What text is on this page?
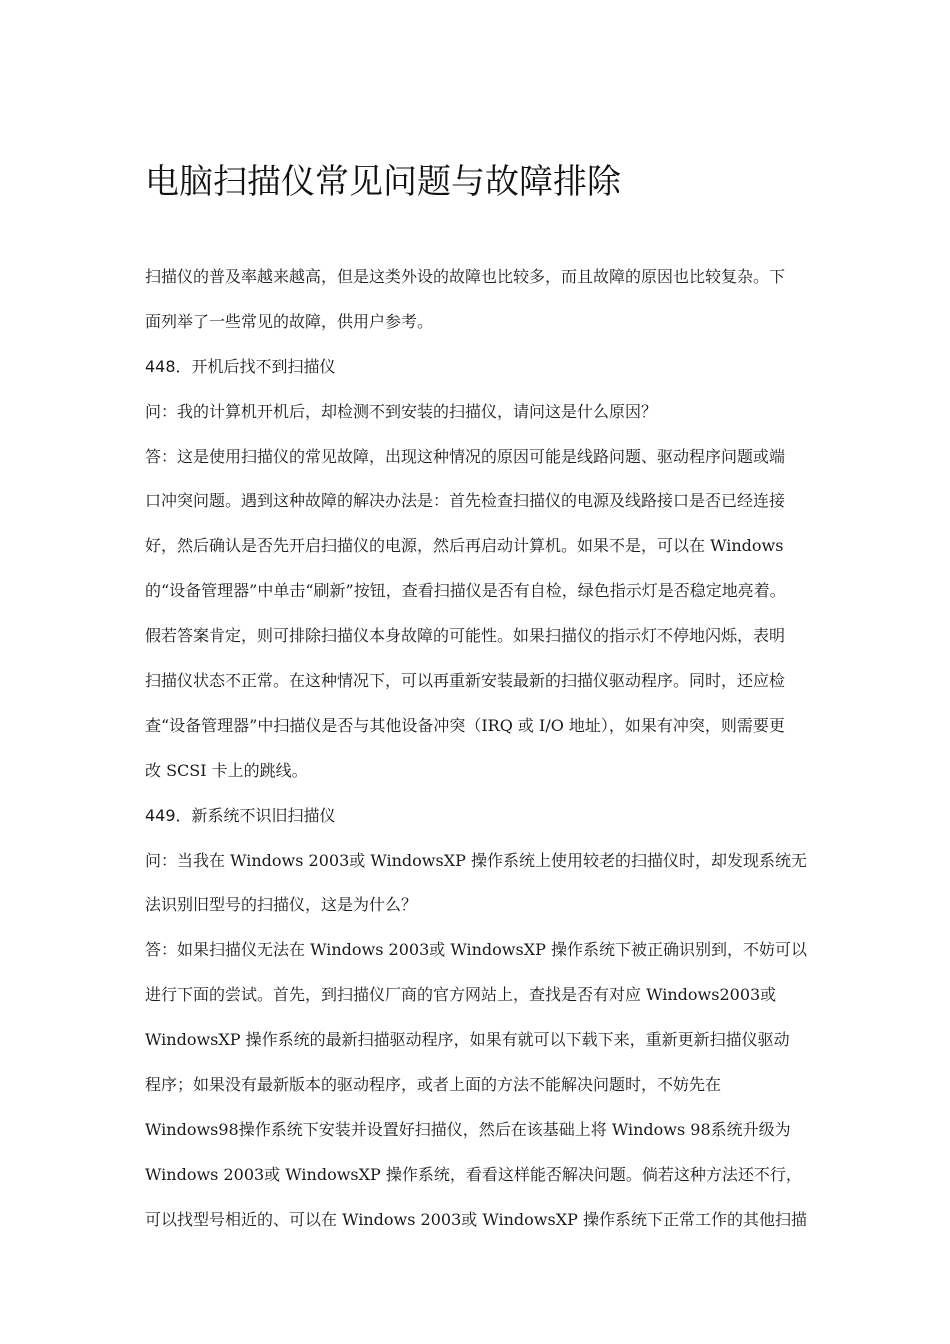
电脑扫描仪常见问题与故障排除
扫描仪的普及率越来越高，但是这类外设的故障也比较多，而且故障的原因也比较复杂。下
面列举了一些常见的故障，供用户参考。
448．开机后找不到扫描仪
问：我的计算机开机后，却检测不到安装的扫描仪，请问这是什么原因？
答：这是使用扫描仪的常见故障，出现这种情况的原因可能是线路问题、驱动程序问题或端
口冲突问题。遇到这种故障的解决办法是：首先检查扫描仪的电源及线路接口是否已经连接
好，然后确认是否先开启扫描仪的电源，然后再启动计算机。如果不是，可以在 Windows
的“设备管理器”中单击“刷新”按钮，查看扫描仪是否有自检，绿色指示灯是否稳定地亮着。
假若答案肯定，则可排除扫描仪本身故障的可能性。如果扫描仪的指示灯不停地闪烁，表明
扫描仪状态不正常。在这种情况下，可以再重新安装最新的扫描仪驱动程序。同时，还应检
查“设备管理器”中扫描仪是否与其他设备冲突（IRQ 或 I/O 地址），如果有冲突，则需要更
改 SCSI 卡上的跳线。
449．新系统不识旧扫描仪
问：当我在 Windows 2003或 WindowsXP 操作系统上使用较老的扫描仪时，却发现系统无
法识别旧型号的扫描仪，这是为什么？
答：如果扫描仪无法在 Windows 2003或 WindowsXP 操作系统下被正确识别到，不妨可以
进行下面的尝试。首先，到扫描仪厂商的官方网站上，查找是否有对应 Windows2003或
WindowsXP 操作系统的最新扫描驱动程序，如果有就可以下载下来，重新更新扫描仪驱动
程序；如果没有最新版本的驱动程序，或者上面的方法不能解决问题时，不妨先在
Windows98操作系统下安装并设置好扫描仪，然后在该基础上将 Windows 98系统升级为
Windows 2003或 WindowsXP 操作系统，看看这样能否解决问题。倘若这种方法还不行，
可以找型号相近的、可以在 Windows 2003或 WindowsXP 操作系统下正常工作的其他扫描
